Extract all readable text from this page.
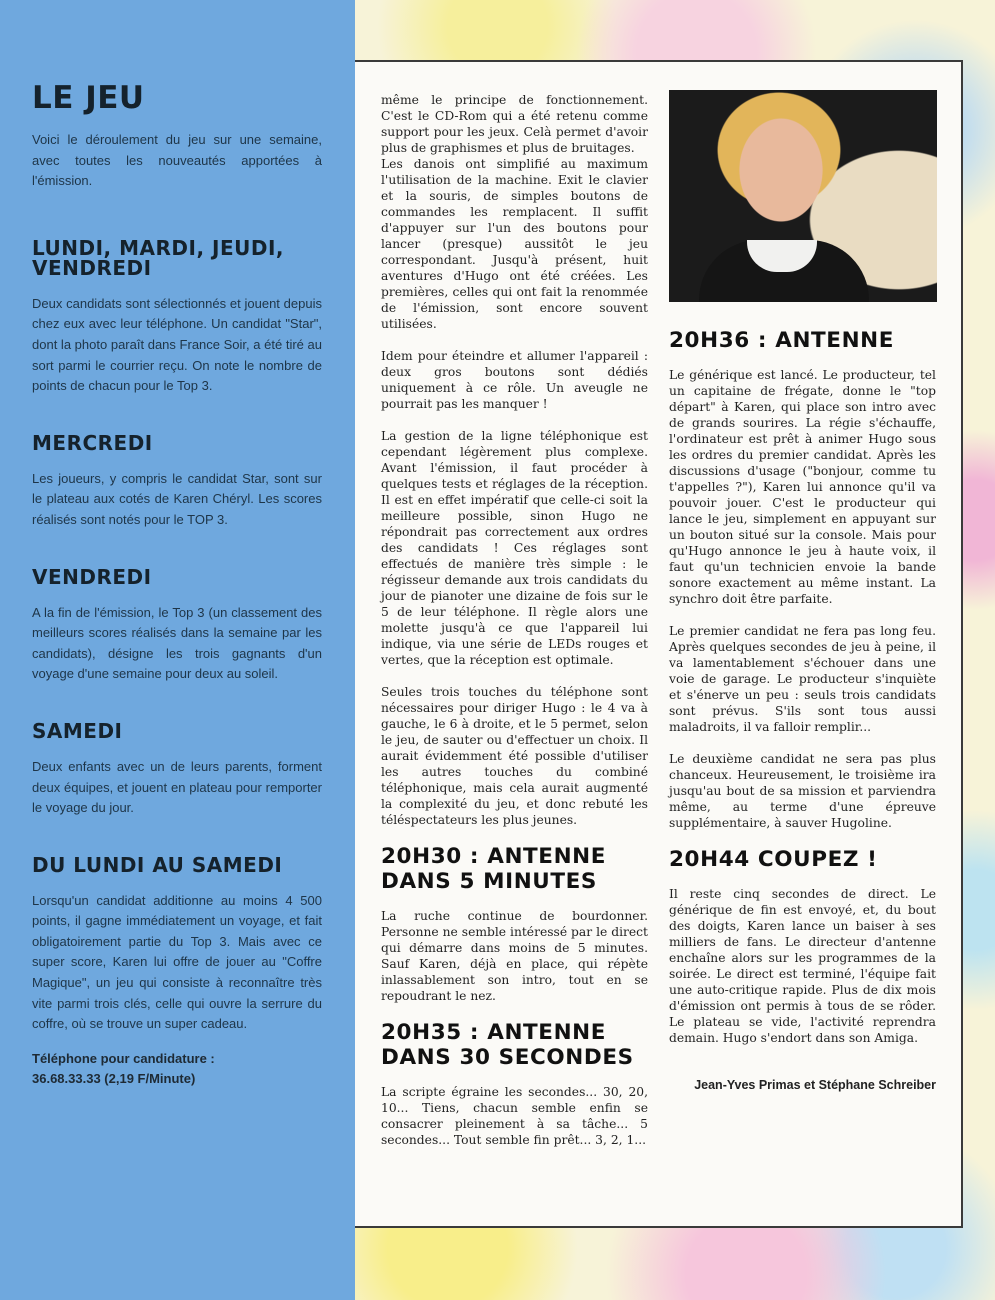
LE JEU

Voici le déroulement du jeu sur une semaine, avec toutes les nouveautés apportées à l'émission.

LUNDI, MARDI, JEUDI, VENDREDI

Deux candidats sont sélectionnés et jouent depuis chez eux avec leur téléphone. Un candidat "Star", dont la photo paraît dans France Soir, a été tiré au sort parmi le courrier reçu. On note le nombre de points de chacun pour le Top 3.

MERCREDI

Les joueurs, y compris le candidat Star, sont sur le plateau aux cotés de Karen Chéryl. Les scores réalisés sont notés pour le TOP 3.

VENDREDI

A la fin de l'émission, le Top 3 (un classement des meilleurs scores réalisés dans la semaine par les candidats), désigne les trois gagnants d'un voyage d'une semaine pour deux au soleil.

SAMEDI

Deux enfants avec un de leurs parents, forment deux équipes, et jouent en plateau pour remporter le voyage du jour.

DU LUNDI AU SAMEDI

Lorsqu'un candidat additionne au moins 4 500 points, il gagne immédiatement un voyage, et fait obligatoirement partie du Top 3. Mais avec ce super score, Karen lui offre de jouer au "Coffre Magique", un jeu qui consiste à reconnaître très vite parmi trois clés, celle qui ouvre la serrure du coffre, où se trouve un super cadeau.

Téléphone pour candidature :
36.68.33.33 (2,19 F/Minute)

même le principe de fonctionnement. C'est le CD-Rom qui a été retenu comme support pour les jeux. Celà permet d'avoir plus de graphismes et plus de bruitages.

Les danois ont simplifié au maximum l'utilisation de la machine. Exit le clavier et la souris, de simples boutons de commandes les remplacent. Il suffit d'appuyer sur l'un des boutons pour lancer (presque) aussitôt le jeu correspondant. Jusqu'à présent, huit aventures d'Hugo ont été créées. Les premières, celles qui ont fait la renommée de l'émission, sont encore souvent utilisées.

Idem pour éteindre et allumer l'appareil : deux gros boutons sont dédiés uniquement à ce rôle. Un aveugle ne pourrait pas les manquer !

La gestion de la ligne téléphonique est cependant légèrement plus complexe. Avant l'émission, il faut procéder à quelques tests et réglages de la réception. Il est en effet impératif que celle-ci soit la meilleure possible, sinon Hugo ne répondrait pas correctement aux ordres des candidats ! Ces réglages sont effectués de manière très simple : le régisseur demande aux trois candidats du jour de pianoter une dizaine de fois sur le 5 de leur téléphone. Il règle alors une molette jusqu'à ce que l'appareil lui indique, via une série de LEDs rouges et vertes, que la réception est optimale.

Seules trois touches du téléphone sont nécessaires pour diriger Hugo : le 4 va à gauche, le 6 à droite, et le 5 permet, selon le jeu, de sauter ou d'effectuer un choix. Il aurait évidemment été possible d'utiliser les autres touches du combiné téléphonique, mais cela aurait augmenté la complexité du jeu, et donc rebuté les téléspectateurs les plus jeunes.

20H30 : ANTENNE DANS 5 MINUTES

La ruche continue de bourdonner. Personne ne semble intéressé par le direct qui démarre dans moins de 5 minutes. Sauf Karen, déjà en place, qui répète inlassablement son intro, tout en se repoudrant le nez.

20H35 : ANTENNE DANS 30 SECONDES

La scripte égraine les secondes... 30, 20, 10... Tiens, chacun semble enfin se consacrer pleinement à sa tâche... 5 secondes... Tout semble fin prêt... 3, 2, 1...

20H36 : ANTENNE

Le générique est lancé. Le producteur, tel un capitaine de frégate, donne le "top départ" à Karen, qui place son intro avec de grands sourires. La régie s'échauffe, l'ordinateur est prêt à animer Hugo sous les ordres du premier candidat. Après les discussions d'usage ("bonjour, comme tu t'appelles ?"), Karen lui annonce qu'il va pouvoir jouer. C'est le producteur qui lance le jeu, simplement en appuyant sur un bouton situé sur la console. Mais pour qu'Hugo annonce le jeu à haute voix, il faut qu'un technicien envoie la bande sonore exactement au même instant. La synchro doit être parfaite.

Le premier candidat ne fera pas long feu. Après quelques secondes de jeu à peine, il va lamentablement s'échouer dans une voie de garage. Le producteur s'inquiète et s'énerve un peu : seuls trois candidats sont prévus. S'ils sont tous aussi maladroits, il va falloir remplir...

Le deuxième candidat ne sera pas plus chanceux. Heureusement, le troisième ira jusqu'au bout de sa mission et parviendra même, au terme d'une épreuve supplémentaire, à sauver Hugoline.

20H44 COUPEZ !

Il reste cinq secondes de direct. Le générique de fin est envoyé, et, du bout des doigts, Karen lance un baiser à ses milliers de fans. Le directeur d'antenne enchaîne alors sur les programmes de la soirée. Le direct est terminé, l'équipe fait une auto-critique rapide. Plus de dix mois d'émission ont permis à tous de se rôder. Le plateau se vide, l'activité reprendra demain. Hugo s'endort dans son Amiga.

Jean-Yves Primas et Stéphane Schreiber
